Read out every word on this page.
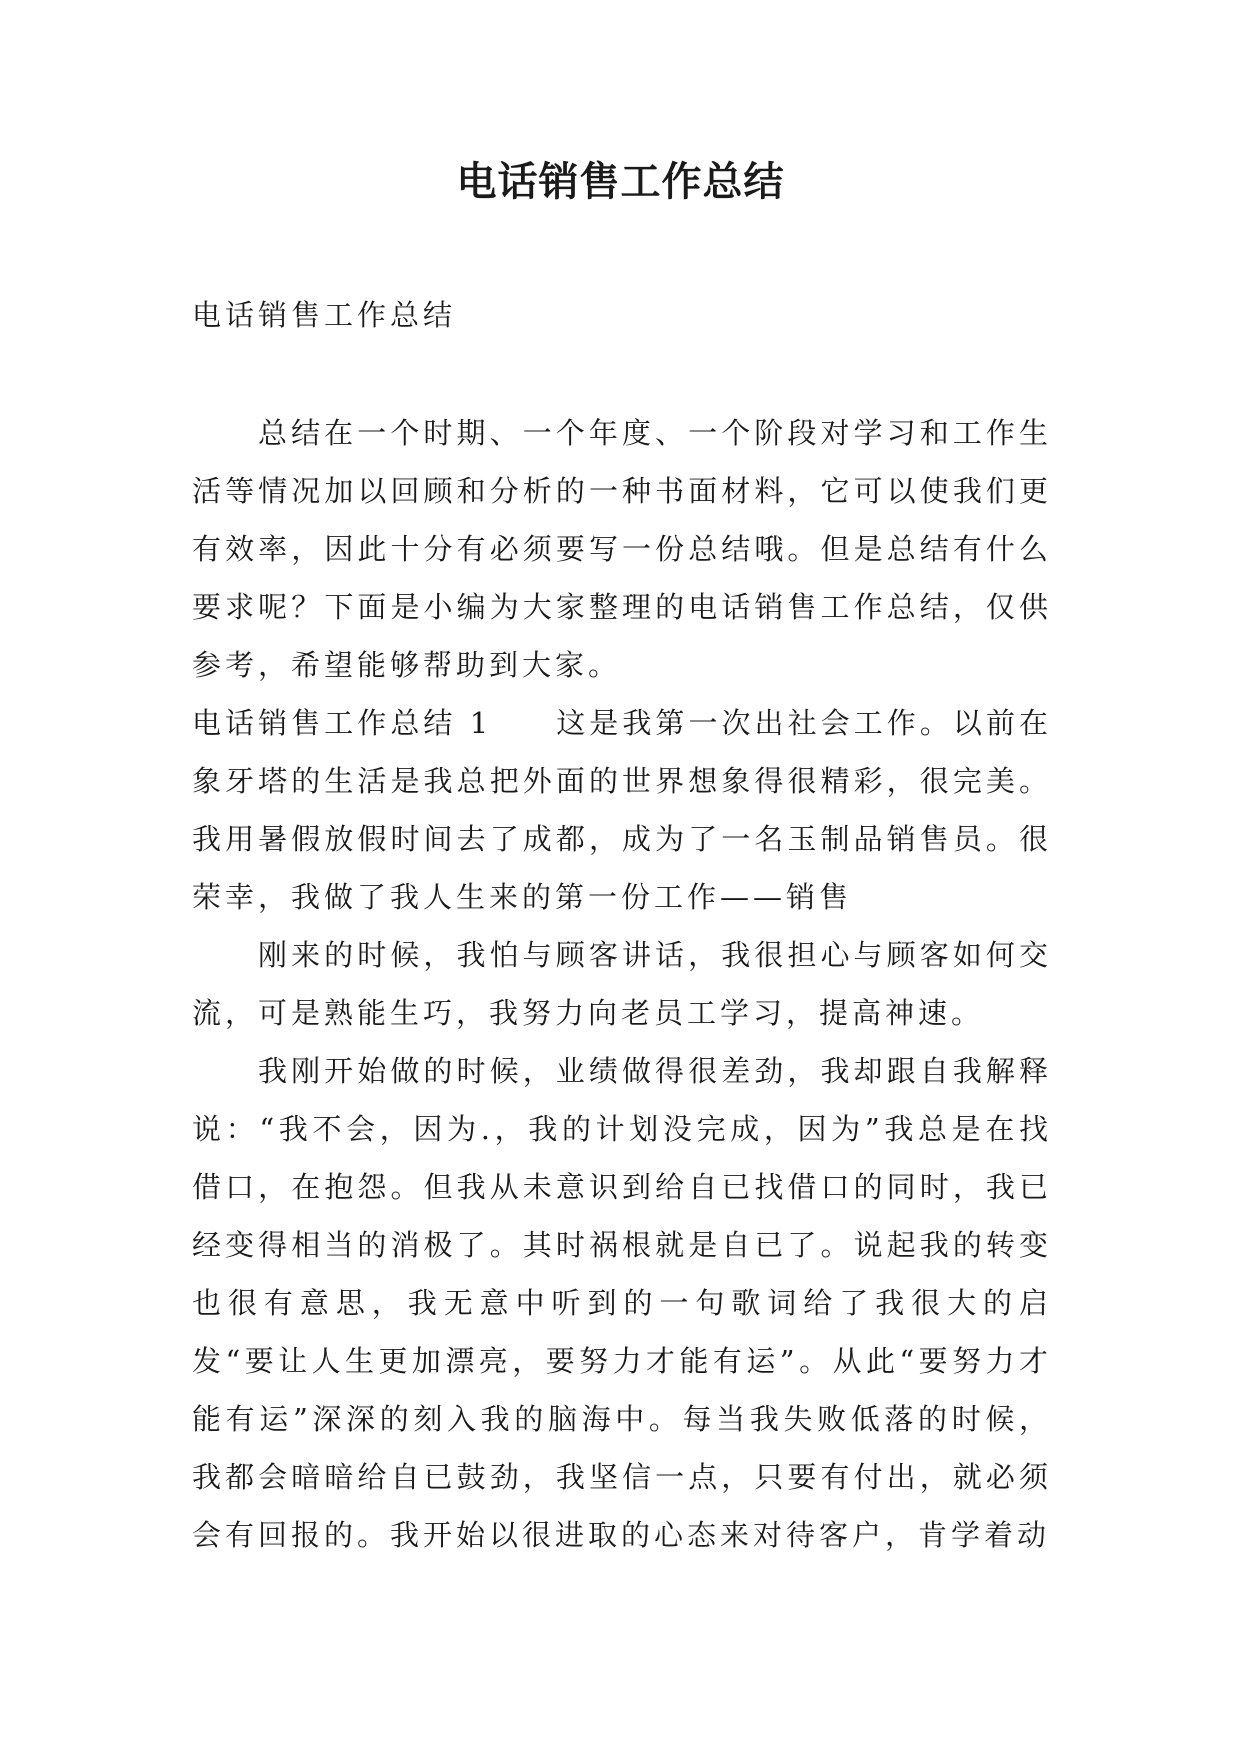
电话销售工作总结

电话销售工作总结

总结在一个时期、一个年度、一个阶段对学习和工作生活等情况加以回顾和分析的一种书面材料，它可以使我们更有效率，因此十分有必须要写一份总结哦。但是总结有什么要求呢？下面是小编为大家整理的电话销售工作总结，仅供参考，希望能够帮助到大家。

电话销售工作总结 1 这是我第一次出社会工作。以前在象牙塔的生活是我总把外面的世界想象得很精彩，很完美。我用暑假放假时间去了成都，成为了一名玉制品销售员。很荣幸，我做了我人生来的第一份工作——销售

刚来的时候，我怕与顾客讲话，我很担心与顾客如何交流，可是熟能生巧，我努力向老员工学习，提高神速。

我刚开始做的时候，业绩做得很差劲，我却跟自我解释说：“我不会，因为.，我的计划没完成，因为”我总是在找借口，在抱怨。但我从未意识到给自已找借口的同时，我已经变得相当的消极了。其时祸根就是自已了。说起我的转变也很有意思，我无意中听到的一句歌词给了我很大的启发“要让人生更加漂亮，要努力才能有运”。从此“要努力才能有运”深深的刻入我的脑海中。每当我失败低落的时候，我都会暗暗给自已鼓劲，我坚信一点，只要有付出，就必须会有回报的。我开始以很进取的心态来对待客户，肯学着动
